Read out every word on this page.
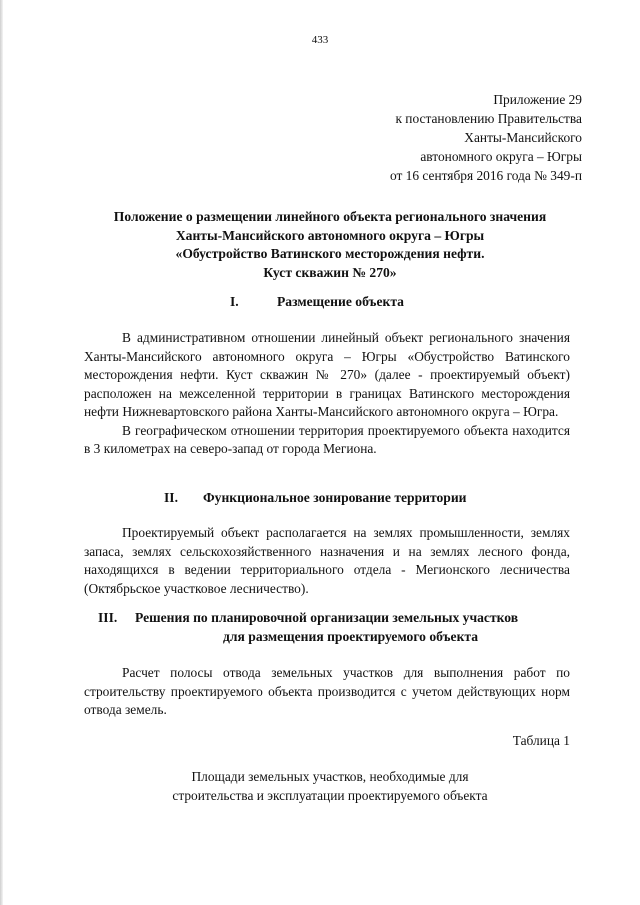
433
Приложение 29
к постановлению Правительства
Ханты-Мансийского
автономного округа – Югры
от 16 сентября 2016 года № 349-п
Положение о размещении линейного объекта регионального значения
Ханты-Мансийского автономного округа – Югры
«Обустройство Ватинского месторождения нефти.
Куст скважин № 270»
I.	Размещение объекта

В административном отношении линейный объект регионального значения Ханты-Мансийского автономного округа – Югры «Обустройство Ватинского месторождения нефти. Куст скважин № 270» (далее - проектируемый объект) расположен на межселенной территории в границах Ватинского месторождения нефти Нижневартовского района Ханты-Мансийского автономного округа – Югра.

В географическом отношении территория проектируемого объекта находится в 3 километрах на северо-запад от города Мегиона.

II. Функциональное зонирование территории

Проектируемый объект располагается на землях промышленности, землях запаса, землях сельскохозяйственного назначения и на землях лесного фонда, находящихся в ведении территориального отдела - Мегионского лесничества (Октябрьское участковое лесничество).

III. Решения по планировочной организации земельных участков
для размещения проектируемого объекта

Расчет полосы отвода земельных участков для выполнения работ по строительству проектируемого объекта производится с учетом действующих норм отвода земель.

Таблица 1
Площади земельных участков, необходимые для
строительства и эксплуатации проектируемого объекта
